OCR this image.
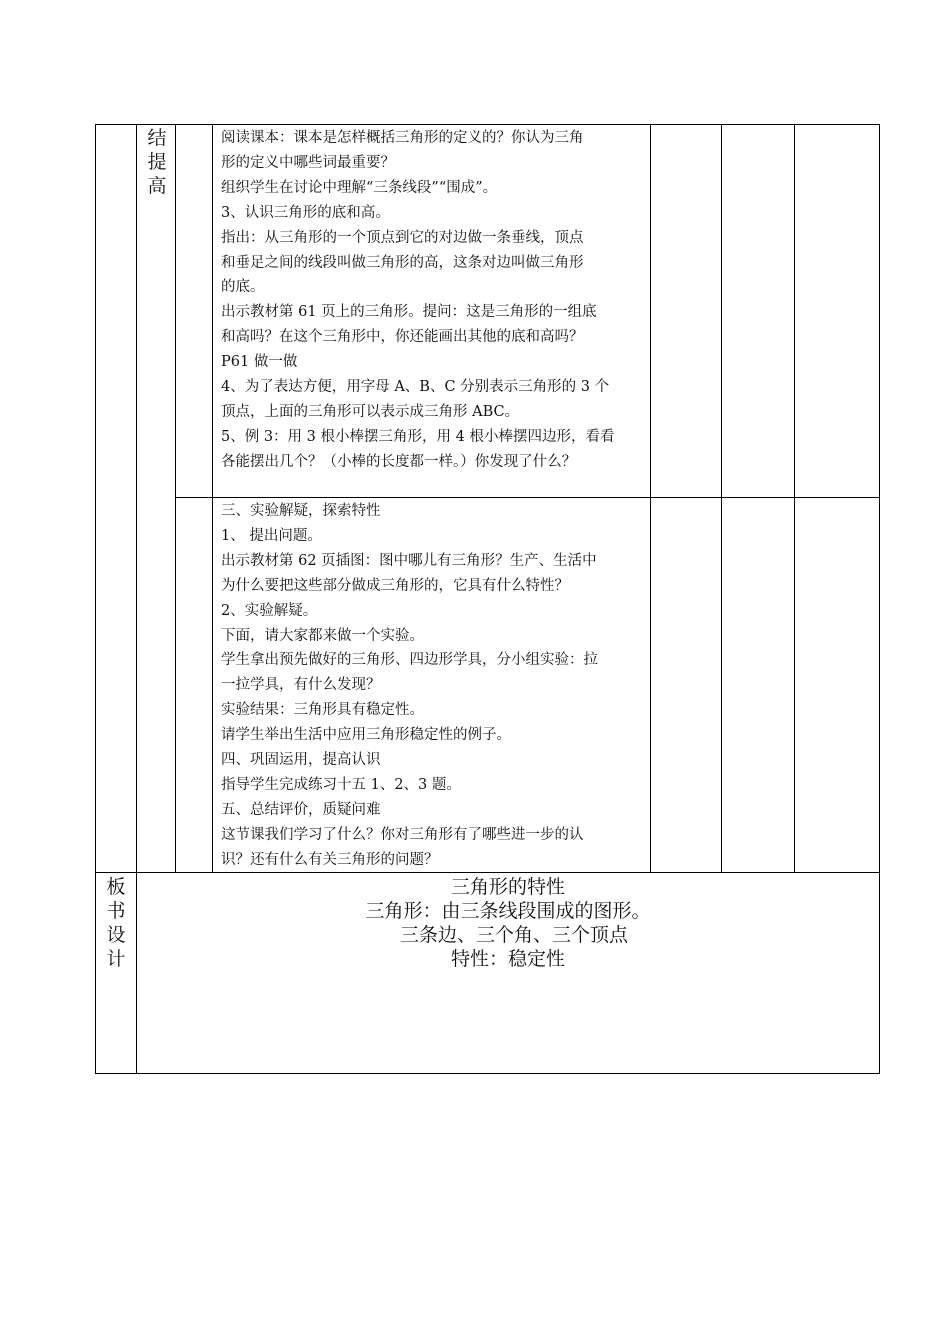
结
提
高
阅读课本：课本是怎样概括三角形的定义的？你认为三角
形的定义中哪些词最重要？
组织学生在讨论中理解“三条线段”“围成”。
3、认识三角形的底和高。
指出：从三角形的一个顶点到它的对边做一条垂线，顶点
和垂足之间的线段叫做三角形的高，这条对边叫做三角形
的底。
出示教材第 61 页上的三角形。提问：这是三角形的一组底
和高吗？在这个三角形中，你还能画出其他的底和高吗？
P61 做一做
4、为了表达方便，用字母 A、B、C 分别表示三角形的 3 个
顶点，上面的三角形可以表示成三角形 ABC。
5、例 3：用 3 根小棒摆三角形，用 4 根小棒摆四边形，看看
各能摆出几个？（小棒的长度都一样。）你发现了什么？
三、实验解疑，探索特性
1、 提出问题。
出示教材第 62 页插图：图中哪儿有三角形？生产、生活中
为什么要把这些部分做成三角形的，它具有什么特性？
2、实验解疑。
下面，请大家都来做一个实验。
学生拿出预先做好的三角形、四边形学具，分小组实验：拉
一拉学具，有什么发现？
实验结果：三角形具有稳定性。
请学生举出生活中应用三角形稳定性的例子。
四、巩固运用，提高认识
指导学生完成练习十五 1、2、3 题。
五、总结评价，质疑问难
这节课我们学习了什么？你对三角形有了哪些进一步的认
识？还有什么有关三角形的问题？
板
书
设
计
三角形的特性
三角形：由三条线段围成的图形。
三条边、三个角、三个顶点
特性：稳定性
